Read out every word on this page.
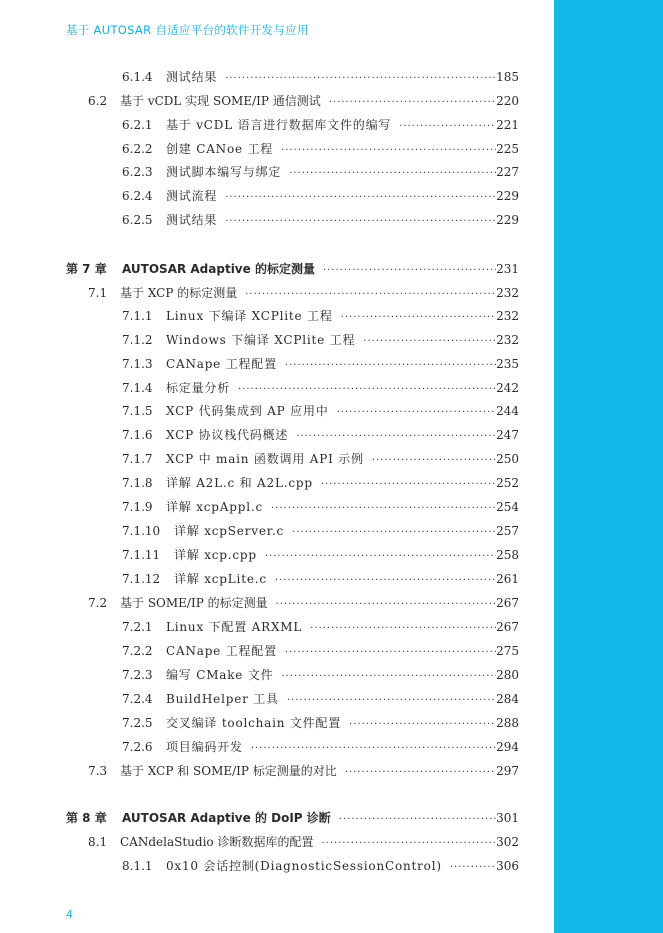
基于 AUTOSAR 自适应平台的软件开发与应用
6.1.4	测试结果 ·····	185
6.2	基于 vCDL 实现 SOME/IP 通信测试 ·····	220
6.2.1	基于 vCDL 语言进行数据库文件的编写 ·····	221
6.2.2	创建 CANoe 工程 ·····	225
6.2.3	测试脚本编写与绑定 ·····	227
6.2.4	测试流程 ·····	229
6.2.5	测试结果 ·····	229
第 7 章	AUTOSAR Adaptive 的标定测量 ·····	231
7.1	基于 XCP 的标定测量 ·····	232
7.1.1	Linux 下编译 XCPlite 工程 ·····	232
7.1.2	Windows 下编译 XCPlite 工程 ·····	232
7.1.3	CANape 工程配置 ·····	235
7.1.4	标定量分析 ·····	242
7.1.5	XCP 代码集成到 AP 应用中 ·····	244
7.1.6	XCP 协议栈代码概述 ·····	247
7.1.7	XCP 中 main 函数调用 API 示例 ·····	250
7.1.8	详解 A2L.c 和 A2L.cpp ·····	252
7.1.9	详解 xcpAppl.c ·····	254
7.1.10	详解 xcpServer.c ·····	257
7.1.11	详解 xcp.cpp ·····	258
7.1.12	详解 xcpLite.c ·····	261
7.2	基于 SOME/IP 的标定测量 ·····	267
7.2.1	Linux 下配置 ARXML ·····	267
7.2.2	CANape 工程配置 ·····	275
7.2.3	编写 CMake 文件 ·····	280
7.2.4	BuildHelper 工具 ·····	284
7.2.5	交叉编译 toolchain 文件配置 ·····	288
7.2.6	项目编码开发 ·····	294
7.3	基于 XCP 和 SOME/IP 标定测量的对比 ·····	297
第 8 章	AUTOSAR Adaptive 的 DoIP 诊断 ·····	301
8.1	CANdelaStudio 诊断数据库的配置 ·····	302
8.1.1	0x10 会话控制(DiagnosticSessionControl) ·····	306
4
